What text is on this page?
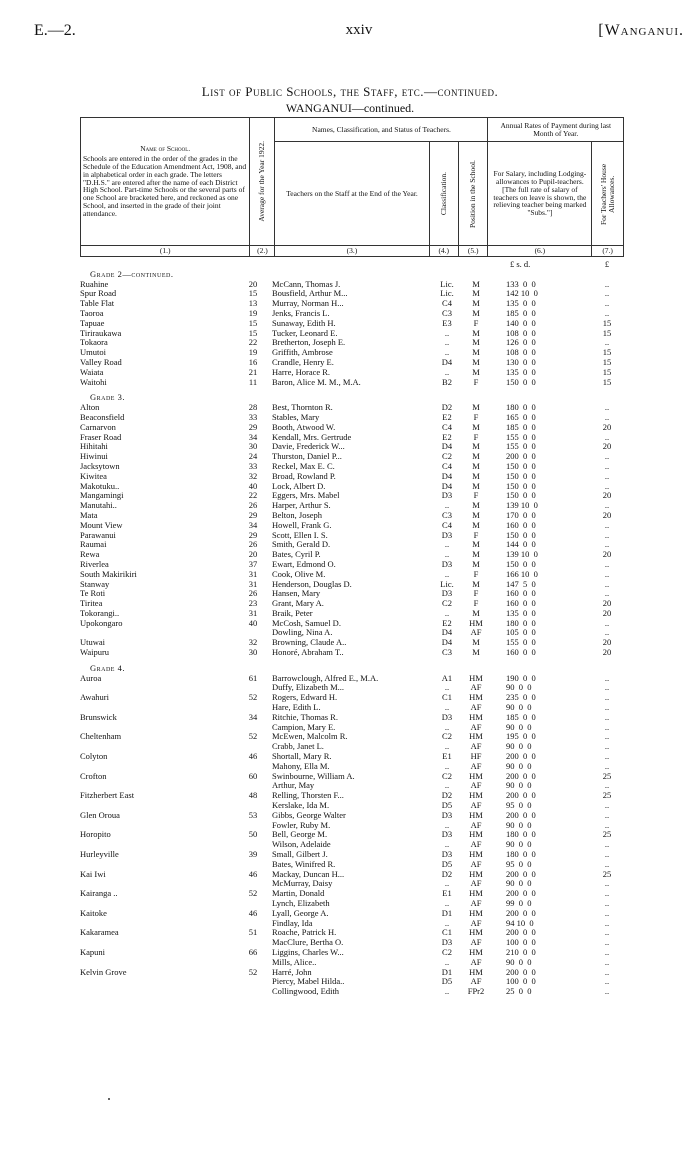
E.—2.	xxiv	[Wanganui.
List of Public Schools, the Staff, etc.—continued.
WANGANUI—continued.
Name of School.
Schools are entered in the order of the grades in the Schedule of the Education Amendment Act, 1908, and in alphabetical order in each grade. The letters "D.H.S." are entered after the name of each District High School. Part-time Schools or the several parts of one School are bracketed here, and reckoned as one School, and inserted in the grade of their joint attendance.	Average for the Year 1922.	Names, Classification, and Status of Teachers.			Annual Rates of Payment during last Month of Year.	
		Teachers on the Staff at the End of the Year.	Classification.	Position in the School.	For Salary, including Lodging-allowances to Pupil-teachers. [The full rate of salary of teachers on leave is shown, the relieving teacher being marked "Subs."]	For Teachers' House Allowances.

(1.)	(2.)	(3.)	(4.)	(5.)	(6.)	(7.)
£ s. d.	£
Grade 2—continued.
Ruahine	20	McCann, Thomas J.	Lic.	M	133  0  0	..
Spur Road	15	Bousfield, Arthur M...	Lic.	M	142 10  0	..
Table Flat	13	Murray, Norman H...	C4	M	135  0  0	..
Taoroa	19	Jenks, Francis L.	C3	M	185  0  0	..
Tapuae	15	Sunaway, Edith H.	E3	F	140  0  0	15
Tiriraukawa	15	Tucker, Leonard E.	..	M	108  0  0	15
Tokaora	22	Bretherton, Joseph E.	..	M	126  0  0	..
Umutoi	19	Griffith, Ambrose	..	M	108  0  0	15
Valley Road	16	Crandle, Henry E.	D4	M	130  0  0	15
Waiata	21	Harre, Horace R.	..	M	135  0  0	15
Waitohi	11	Baron, Alice M. M., M.A.	B2	F	150  0  0	15
Grade 3.
Alton	28	Best, Thornton R.	D2	M	180  0  0	..
Beaconsfield	33	Stables, Mary	E2	F	165  0  0	..
Carnarvon	29	Booth, Atwood W.	C4	M	185  0  0	20
Fraser Road	34	Kendall, Mrs. Gertrude	E2	F	155  0  0	..
Hihitahi	30	Davie, Frederick W...	D4	M	155  0  0	20
Hiwinui	24	Thurston, Daniel P...	C2	M	200  0  0	..
Jacksytown	33	Reckel, Max E. C.	C4	M	150  0  0	..
Kiwitea	32	Broad, Rowland P.	D4	M	150  0  0	..
Makotuku..	40	Lock, Albert D.	D4	M	150  0  0	..
Mangamingi	22	Eggers, Mrs. Mabel	D3	F	150  0  0	20
Manutahi..	26	Harper, Arthur S.	..	M	139 10  0	..
Mata	29	Belton, Joseph	C3	M	170  0  0	20
Mount View	34	Howell, Frank G.	C4	M	160  0  0	..
Parawanui	29	Scott, Ellen I. S.	D3	F	150  0  0	..
Raumai	26	Smith, Gerald D.	..	M	144  0  0	..
Rewa	20	Bates, Cyril P.	..	M	139 10  0	20
Riverlea	37	Ewart, Edmond O.	D3	M	150  0  0	..
South Makirikiri	31	Cook, Olive M.	..	F	166 10  0	..
Stanway	31	Henderson, Douglas D.	Lic.	M	147  5  0	..
Te Roti	26	Hansen, Mary	D3	F	160  0  0	..
Tiritea	23	Grant, Mary A.	C2	F	160  0  0	20
Tokorangi..	31	Braik, Peter	..	M	135  0  0	20
Upokongaro	40	McCosh, Samuel D.	E2	HM	180  0  0	..
Dowling, Nina A.	D4	AF	105  0  0	..
Utuwai	32	Browning, Claude A..	D4	M	155  0  0	20
Waipuru	30	Honoré, Abraham T..	C3	M	160  0  0	20
Grade 4.
Auroa	61	Barrowclough, Alfred E., M.A.	A1	HM	190  0  0	..
Duffy, Elizabeth M...	..	AF	90  0  0	..
Awahuri	52	Rogers, Edward H.	C1	HM	235  0  0	..
Hare, Edith L.	..	AF	90  0  0	..
Brunswick	34	Ritchie, Thomas R.	D3	HM	185  0  0	..
Campion, Mary E.	..	AF	90  0  0	..
Cheltenham	52	McEwen, Malcolm R.	C2	HM	195  0  0	..
Crabb, Janet L.	..	AF	90  0  0	..
Colyton	46	Shortall, Mary R.	E1	HF	200  0  0	..
Mahony, Ella M.	..	AF	90  0  0	..
Crofton	60	Swinbourne, William A.	C2	HM	200  0  0	25
Arthur, May	..	AF	90  0  0	..
Fitzherbert East	48	Relling, Thorsten F...	D2	HM	200  0  0	25
Kerslake, Ida M.	D5	AF	95  0  0	..
Glen Oroua	53	Gibbs, George Walter	D3	HM	200  0  0	..
Fowler, Ruby M.	..	AF	90  0  0	..
Horopito	50	Bell, George M.	D3	HM	180  0  0	25
Wilson, Adelaide	..	AF	90  0  0	..
Hurleyville	39	Small, Gilbert J.	D3	HM	180  0  0	..
Bates, Winifred R.	D5	AF	95  0  0	..
Kai Iwi	46	Mackay, Duncan H...	D2	HM	200  0  0	25
McMurray, Daisy	..	AF	90  0  0	..
Kairanga ..	52	Martin, Donald	E1	HM	200  0  0	..
Lynch, Elizabeth	..	AF	99  0  0	..
Kaitoke	46	Lyall, George A.	D1	HM	200  0  0	..
Findlay, Ida	..	AF	94 10  0	..
Kakaramea	51	Roache, Patrick H.	C1	HM	200  0  0	..
MacClure, Bertha O.	D3	AF	100  0  0	..
Kapuni	66	Liggins, Charles W...	C2	HM	210  0  0	..
Mills, Alice..	..	AF	90  0  0	..
Kelvin Grove	52	Harré, John	D1	HM	200  0  0	..
Piercy, Mabel Hilda..	D5	AF	100  0  0	..
Collingwood, Edith	..	FPr2	25  0  0	..
